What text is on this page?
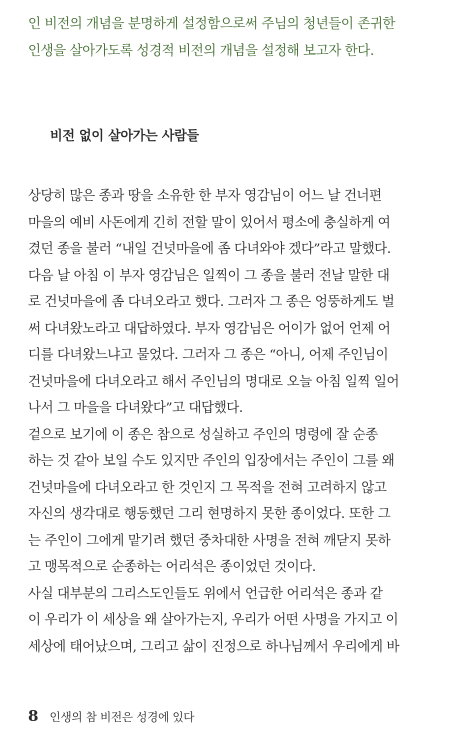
인 비전의 개념을 분명하게 설정함으로써 주님의 청년들이 존귀한
인생을 살아가도록 성경적 비전의 개념을 설정해 보고자 한다.
비전 없이 살아가는 사람들
상당히 많은 종과 땅을 소유한 한 부자 영감님이 어느 날 건너편
마을의 예비 사돈에게 긴히 전할 말이 있어서 평소에 충실하게 여
겼던 종을 불러 “내일 건넛마을에 좀 다녀와야 겠다”라고 말했다.
다음 날 아침 이 부자 영감님은 일찍이 그 종을 불러 전날 말한 대
로 건넛마을에 좀 다녀오라고 했다. 그러자 그 종은 엉뚱하게도 벌
써 다녀왔노라고 대답하였다. 부자 영감님은 어이가 없어 언제 어
디를 다녀왔느냐고 물었다. 그러자 그 종은 “아니, 어제 주인님이
건넛마을에 다녀오라고 해서 주인님의 명대로 오늘 아침 일찍 일어
나서 그 마을을 다녀왔다”고 대답했다.
겉으로 보기에 이 종은 참으로 성실하고 주인의 명령에 잘 순종
하는 것 같아 보일 수도 있지만 주인의 입장에서는 주인이 그를 왜
건넛마을에 다녀오라고 한 것인지 그 목적을 전혀 고려하지 않고
자신의 생각대로 행동했던 그리 현명하지 못한 종이었다. 또한 그
는 주인이 그에게 맡기려 했던 중차대한 사명을 전혀 깨닫지 못하
고 맹목적으로 순종하는 어리석은 종이었던 것이다.
사실 대부분의 그리스도인들도 위에서 언급한 어리석은 종과 같
이 우리가 이 세상을 왜 살아가는지, 우리가 어떤 사명을 가지고 이
세상에 태어났으며, 그리고 삶이 진정으로 하나님께서 우리에게 바
8 인생의 참 비전은 성경에 있다
